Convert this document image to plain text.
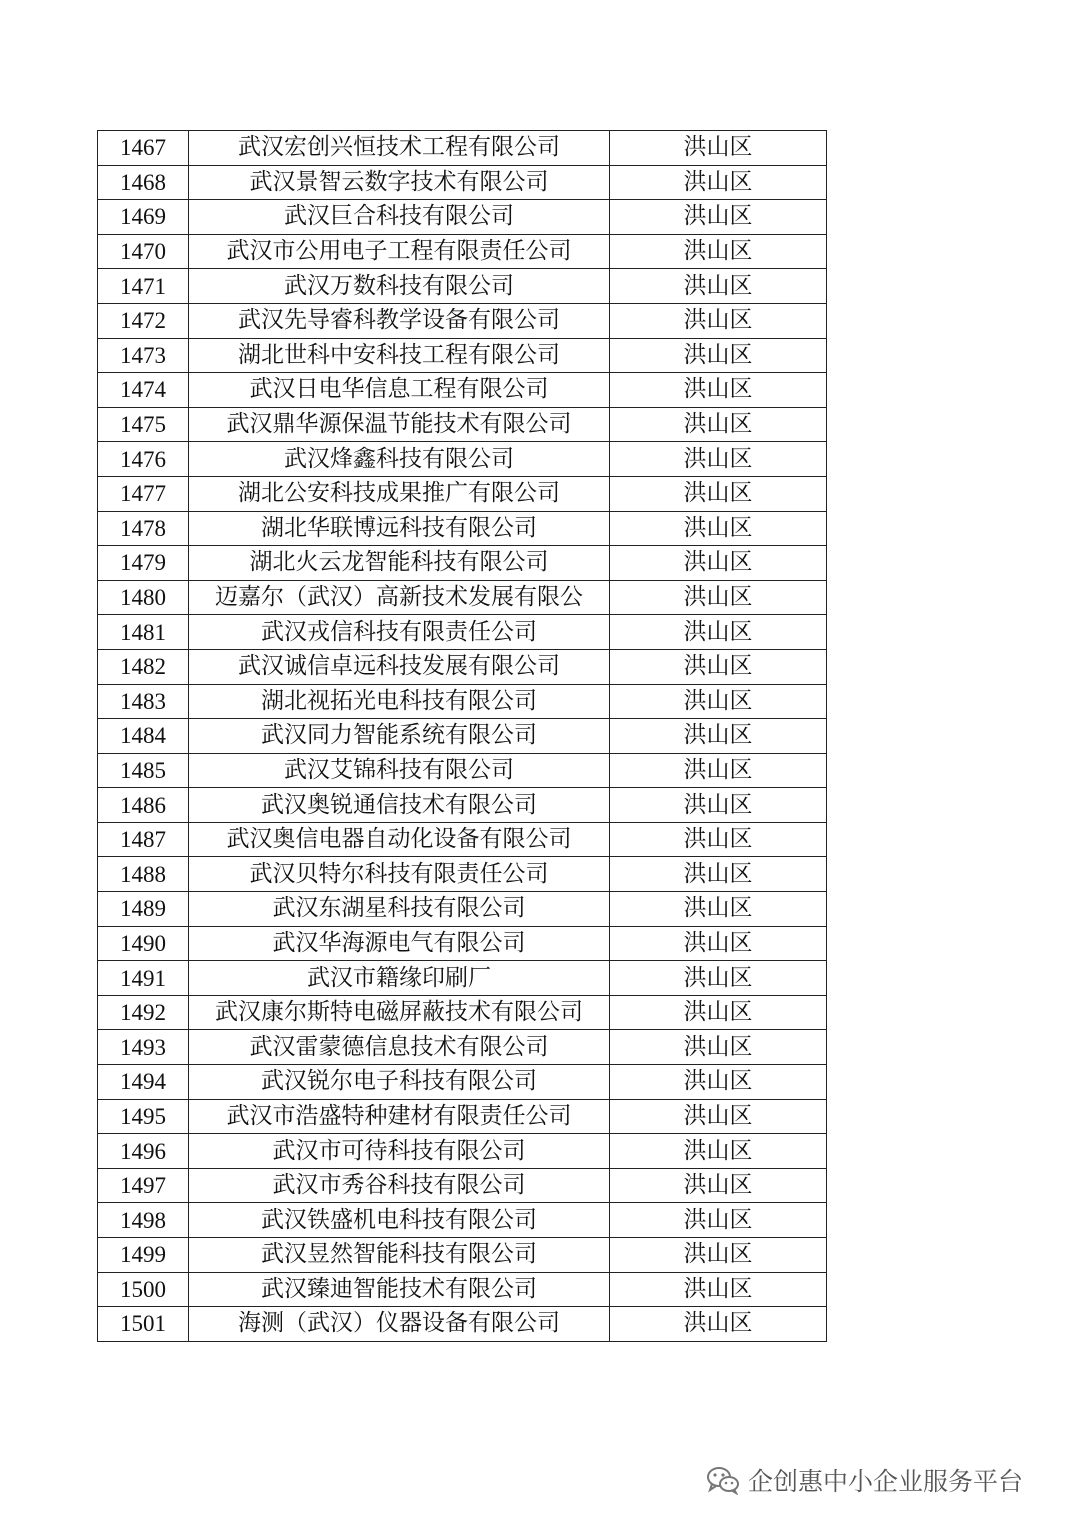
1467	武汉宏创兴恒技术工程有限公司	洪山区
1468	武汉景智云数字技术有限公司	洪山区
1469	武汉巨合科技有限公司	洪山区
1470	武汉市公用电子工程有限责任公司	洪山区
1471	武汉万数科技有限公司	洪山区
1472	武汉先导睿科教学设备有限公司	洪山区
1473	湖北世科中安科技工程有限公司	洪山区
1474	武汉日电华信息工程有限公司	洪山区
1475	武汉鼎华源保温节能技术有限公司	洪山区
1476	武汉烽鑫科技有限公司	洪山区
1477	湖北公安科技成果推广有限公司	洪山区
1478	湖北华联博远科技有限公司	洪山区
1479	湖北火云龙智能科技有限公司	洪山区
1480	迈嘉尔（武汉）高新技术发展有限公	洪山区
1481	武汉戎信科技有限责任公司	洪山区
1482	武汉诚信卓远科技发展有限公司	洪山区
1483	湖北视拓光电科技有限公司	洪山区
1484	武汉同力智能系统有限公司	洪山区
1485	武汉艾锦科技有限公司	洪山区
1486	武汉奥锐通信技术有限公司	洪山区
1487	武汉奥信电器自动化设备有限公司	洪山区
1488	武汉贝特尔科技有限责任公司	洪山区
1489	武汉东湖星科技有限公司	洪山区
1490	武汉华海源电气有限公司	洪山区
1491	武汉市籍缘印刷厂	洪山区
1492	武汉康尔斯特电磁屏蔽技术有限公司	洪山区
1493	武汉雷蒙德信息技术有限公司	洪山区
1494	武汉锐尔电子科技有限公司	洪山区
1495	武汉市浩盛特种建材有限责任公司	洪山区
1496	武汉市可待科技有限公司	洪山区
1497	武汉市秀谷科技有限公司	洪山区
1498	武汉铁盛机电科技有限公司	洪山区
1499	武汉昱然智能科技有限公司	洪山区
1500	武汉臻迪智能技术有限公司	洪山区
1501	海测（武汉）仪器设备有限公司	洪山区
企创惠中小企业服务平台
